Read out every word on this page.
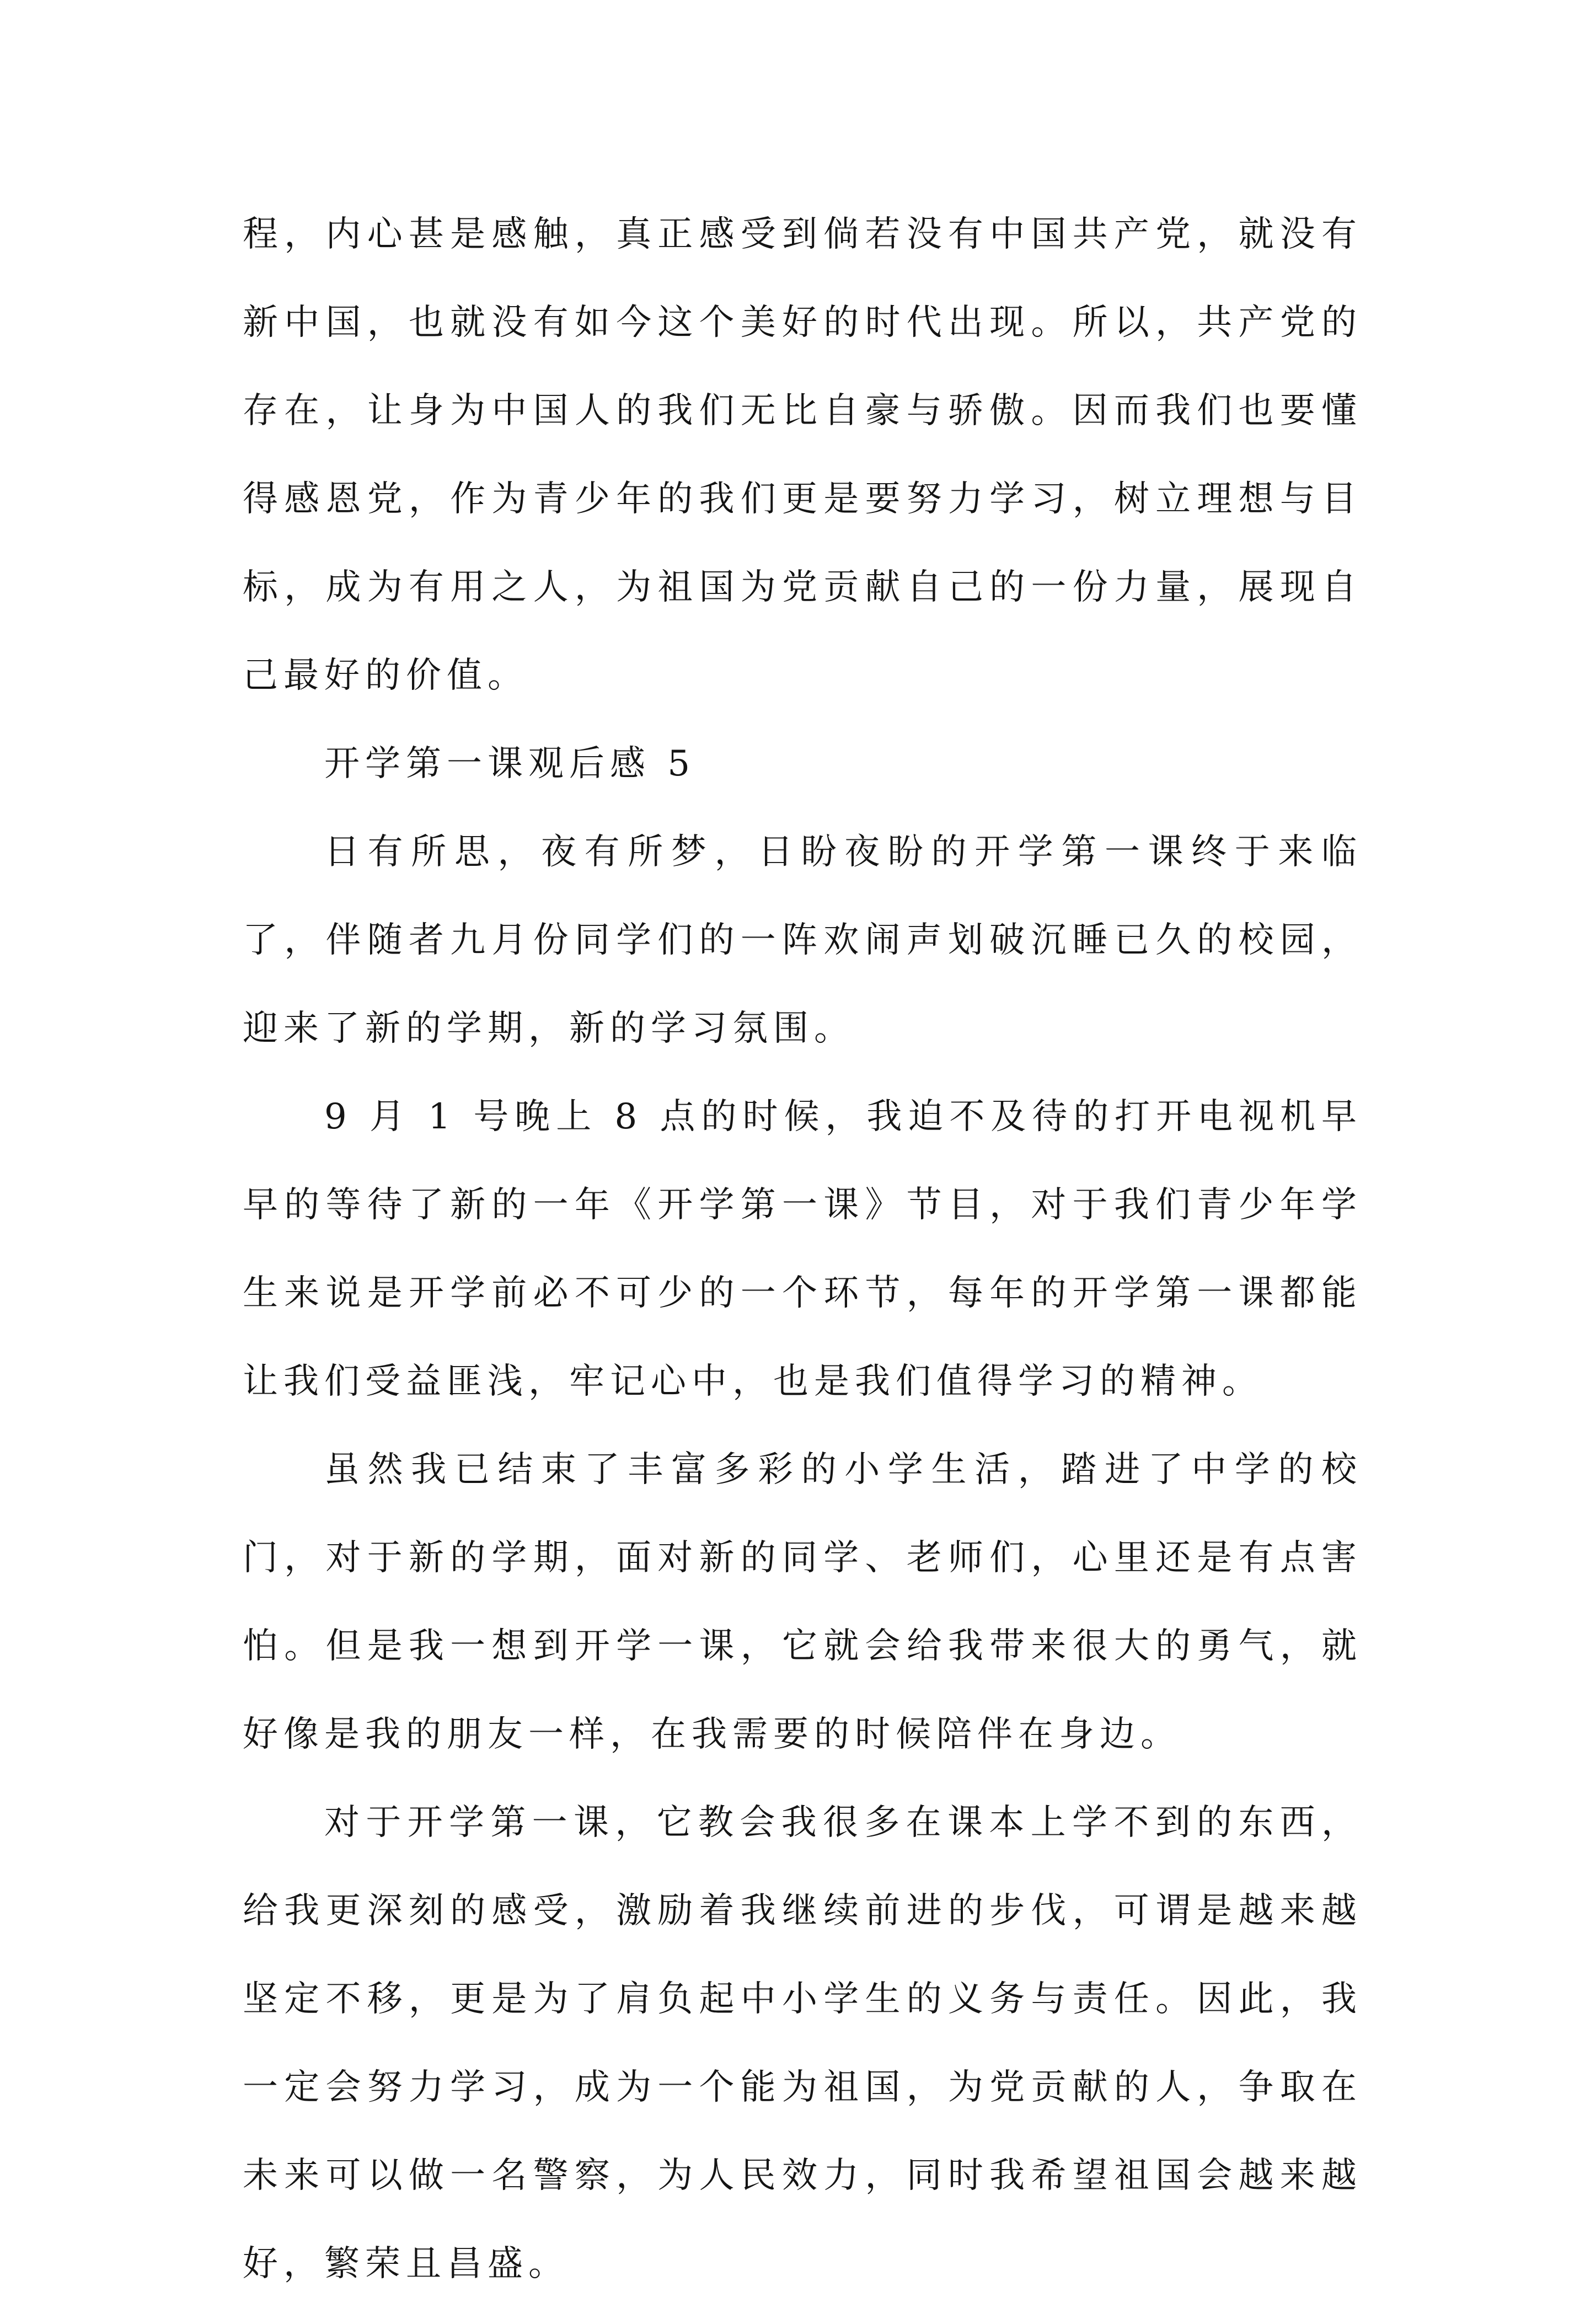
程，内心甚是感触，真正感受到倘若没有中国共产党，就没有新中国，也就没有如今这个美好的时代出现。所以，共产党的存在，让身为中国人的我们无比自豪与骄傲。因而我们也要懂得感恩党，作为青少年的我们更是要努力学习，树立理想与目标，成为有用之人，为祖国为党贡献自己的一份力量，展现自己最好的价值。

开学第一课观后感 5

日有所思，夜有所梦，日盼夜盼的开学第一课终于来临了，伴随者九月份同学们的一阵欢闹声划破沉睡已久的校园，迎来了新的学期，新的学习氛围。

9 月 1 号晚上 8 点的时候，我迫不及待的打开电视机早早的等待了新的一年《开学第一课》节目，对于我们青少年学生来说是开学前必不可少的一个环节，每年的开学第一课都能让我们受益匪浅，牢记心中，也是我们值得学习的精神。

虽然我已结束了丰富多彩的小学生活，踏进了中学的校门，对于新的学期，面对新的同学、老师们，心里还是有点害怕。但是我一想到开学一课，它就会给我带来很大的勇气，就好像是我的朋友一样，在我需要的时候陪伴在身边。

对于开学第一课，它教会我很多在课本上学不到的东西，给我更深刻的感受，激励着我继续前进的步伐，可谓是越来越坚定不移，更是为了肩负起中小学生的义务与责任。因此，我一定会努力学习，成为一个能为祖国，为党贡献的人，争取在未来可以做一名警察，为人民效力，同时我希望祖国会越来越好，繁荣且昌盛。
